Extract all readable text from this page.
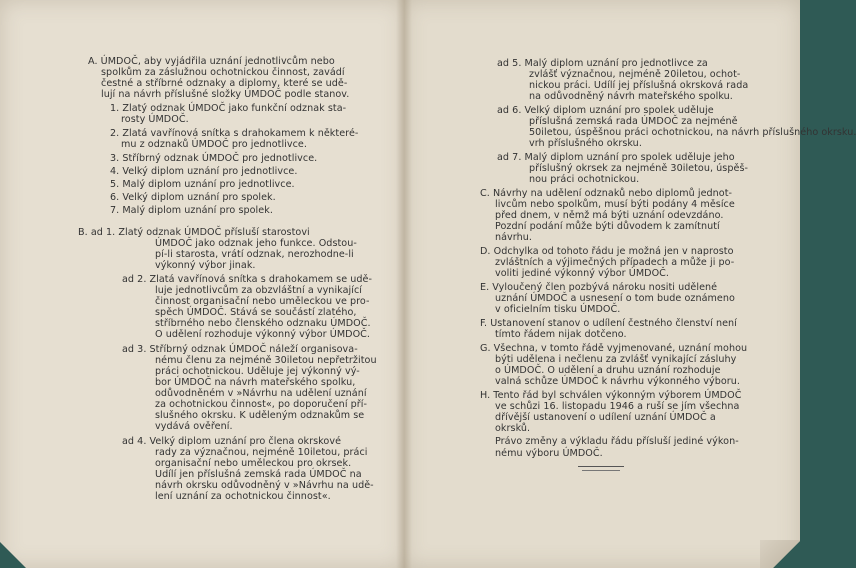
A. ÚMDOČ, aby vyjádřila uznání jednotlivcům nebo
spolkům za záslužnou ochotnickou činnost, zavádí
čestné a stříbrné odznaky a diplomy, které se udě-
lují na návrh příslušné složky ÚMDOČ podle stanov.
1. Zlatý odznak ÚMDOČ jako funkční odznak sta-
rosty ÚMDOČ.
2. Zlatá vavřínová snítka s drahokamem k některé-
mu z odznaků ÚMDOČ pro jednotlivce.
3. Stříbrný odznak ÚMDOČ pro jednotlivce.
4. Velký diplom uznání pro jednotlivce.
5. Malý diplom uznání pro jednotlivce.
6. Velký diplom uznání pro spolek.
7. Malý diplom uznání pro spolek.
B. ad 1. Zlatý odznak ÚMDOČ přísluší starostovi
ÚMDOČ jako odznak jeho funkce. Odstou-
pí-li starosta, vrátí odznak, nerozhodne-li
výkonný výbor jinak.
ad 2. Zlatá vavřínová snítka s drahokamem se udě-
luje jednotlivcům za obzvláštní a vynikající
činnost organisační nebo uměleckou ve pro-
spěch ÚMDOČ. Stává se součástí zlatého,
stříbrného nebo členského odznaku ÚMDOČ.
O udělení rozhoduje výkonný výbor ÚMDOČ.
ad 3. Stříbrný odznak ÚMDOČ náleží organisova-
nému členu za nejméně 30iletou nepřetržitou
práci ochotnickou. Uděluje jej výkonný vý-
bor ÚMDOČ na návrh mateřského spolku,
odůvodněném v »Návrhu na udělení uznání
za ochotnickou činnost«, po doporučení pří-
slušného okrsku. K uděleným odznakům se
vydává ověření.
ad 4. Velký diplom uznání pro člena okrskové
rady za význačnou, nejméně 10iletou, práci
organisační nebo uměleckou pro okrsek.
Udílí jen příslušná zemská rada ÚMDOČ na
návrh okrsku odůvodněný v »Návrhu na udě-
lení uznání za ochotnickou činnost«.
ad 5. Malý diplom uznání pro jednotlivce za
zvlášť význačnou, nejméně 20iletou, ochot-
nickou práci. Udílí jej příslušná okrsková rada
na odůvodněný návrh mateřského spolku.
ad 6. Velký diplom uznání pro spolek uděluje
příslušná zemská rada ÚMDOČ za nejméně
50iletou, úspěšnou práci ochotnickou, na návrh příslušného okrsku.
vrh příslušného okrsku.
ad 7. Malý diplom uznání pro spolek uděluje jeho
příslušný okrsek za nejméně 30iletou, úspěš-
nou práci ochotnickou.
C. Návrhy na udělení odznaků nebo diplomů jednot-
livcům nebo spolkům, musí býti podány 4 měsíce
před dnem, v němž má býti uznání odevzdáno.
Pozdní podání může býti důvodem k zamítnutí
návrhu.
D. Odchylka od tohoto řádu je možná jen v naprosto
zvláštních a výjimečných případech a může ji po-
voliti jediné výkonný výbor ÚMDOČ.
E. Vyloučený člen pozbývá nároku nositi udělené
uznání ÚMDOČ a usnesení o tom bude oznámeno
v oficielním tisku ÚMDOČ.
F. Ustanovení stanov o udílení čestného členství není
tímto řádem nijak dotčeno.
G. Všechna, v tomto řádě vyjmenované, uznání mohou
býti udělena i nečlenu za zvlášť vynikající zásluhy
o ÚMDOČ. O udělení a druhu uznání rozhoduje
valná schůze ÚMDOČ k návrhu výkonného výboru.
H. Tento řád byl schválen výkonným výborem ÚMDOČ
ve schůzi 16. listopadu 1946 a ruší se jím všechna
dřívější ustanovení o udílení uznání ÚMDOČ a
okrsků.
Právo změny a výkladu řádu přísluší jediné výkon-
nému výboru ÚMDOČ.
